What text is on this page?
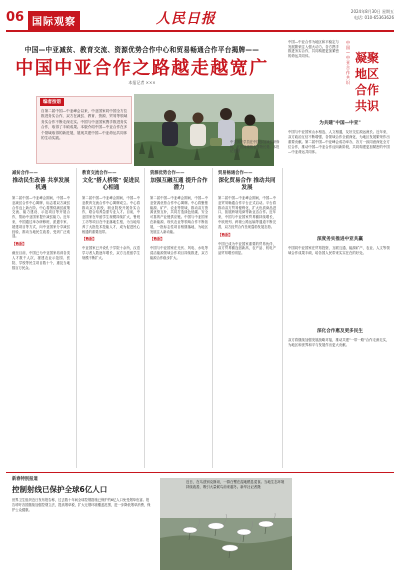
06 国际观察	人民日报	2024年8月30日 星期五
电话: 010-65363626
中国—中亚减贫、教育交流、资源优势合作中心和贸易畅通合作平台揭牌——
中国中亚合作之路越走越宽广
本报记者 ×××
编者按语
自第二届中国—中亚峰会以来，中亚国家同中国全方位推进务实合作，双方在减贫、教育、资源、贸易等领域务实合作不断走深走实。中国与中亚国家携手推进务实合作，取得了丰硕成果。本版介绍中国—中亚合作在多个领域取得的新进展，展现共建中国—中亚命运共同体的生动实践。
中亚国家学员在中国参加减贫研修班，在田间观察农作物长势。本报记者摄
中国—中亚合作为地区和平稳定与发展繁荣注入强大动力。各方携手推进务实合作，共同构建更加紧密的命运共同体。
中国—中亚合作共识
凝聚地区合作共识
为共建"中国—中亚"
中国与中亚国家山水相连、人文相通，友好交往源远流长。近年来，双方政治互信不断增强，各领域合作全面深化，为地区发展繁荣作出重要贡献。第二届中国—中亚峰会成功举办，各方一致同意深化全方位合作，推动中国—中亚合作迈向新阶段，共同构建更加紧密的中国—中亚命运共同体。
深度务实推进中亚共赢
中国同中亚国家在贸易投资、互联互通、能源矿产、农业、人文等领域合作成果丰硕，给各国人民带来实实在在的好处。
深化合作惠及更多民生
双方将继续加强发展战略对接，推动共建"一带一路"合作走深走实，为地区和世界和平与发展作出更大贡献。
减贫合作——
推动民生改善 共享发展机遇
第二届中国—中亚峰会期间，中国—中亚减贫合作中心揭牌，标志着双方减贫合作迈上新台阶。中心将围绕减贫政策交流、能力建设、示范项目等开展合作，帮助中亚国家提升减贫能力。近年来，中国通过举办研修班、派遣专家、援建项目等方式，向中亚国家分享减贫经验，推动当地民生改善，受到广泛欢迎。
【数据】
截至目前，中国已为中亚国家培训各类人才数千人次，援建农业示范园、医院、学校等民生项目数十个，惠及当地数百万民众。
教育交流合作——
文化"搭人桥梁" 促进民心相通
第二届中国—中亚峰会期间，中国—中亚教育交流合作中心揭牌成立。中心将推动双方高校、职业院校开展务实合作，联合培养急需专业人才。目前，中亚国家在华留学生规模持续扩大，鲁班工坊等项目在中亚落地生根，为当地培养了大批技术技能人才，成为促进民心相通的重要纽带。
【数据】
中亚国家已开设孔子学院十余所，汉语学习者人数逐年增长，双方互派留学生规模不断扩大。
资源优势合作——
加强互融互通 提升合作潜力
第二届中国—中亚峰会期间，中国—中亚资源优势合作中心揭牌。中心将聚焦能源、矿产、农业等领域，推动双方资源优势互补，共同打造绿色低碳、安全可靠的产业链供应链。中国与中亚国家在新能源、现代农业等领域合作不断拓展，一批标志性项目相继落地，为地区发展注入新动能。
【数据】
中国与中亚国家在光伏、风电、水电等清洁能源领域合作项目持续推进，双方能源合作稳步扩大。
贸易畅通合作——
深化贸易合作 推动共同发展
第二届中国—中亚峰会期间，中国—中亚贸易畅通合作平台正式启动。平台将推动双方贸易便利化，扩大优质商品进口，拓展跨境电商等新业态合作。近年来，中国与中亚国家贸易额持续增长，中欧班列、跨境公路运输等通道不断完善，双方经贸合作呈现蓬勃发展态势。
【数据】
中国已成为中亚国家重要的贸易伙伴，双方贸易额连创新高，农产品、机电产品贸易增长明显。
新春特别报道
控制射线已保护全球6亿人口
世界卫生组织近日发布报告称，过去数十年间全球控烟措施已保护约6亿人口免受烟草危害。报告呼吁各国继续加强控烟立法，提高烟草税，扩大无烟环境覆盖范围，进一步降低烟草消费，保护公众健康。
近日，在乌兹别克斯坦，一群白鹭在湿地栖息觅食。当地生态环境持续改善，吸引大量候鸟前来越冬。新华社记者摄
